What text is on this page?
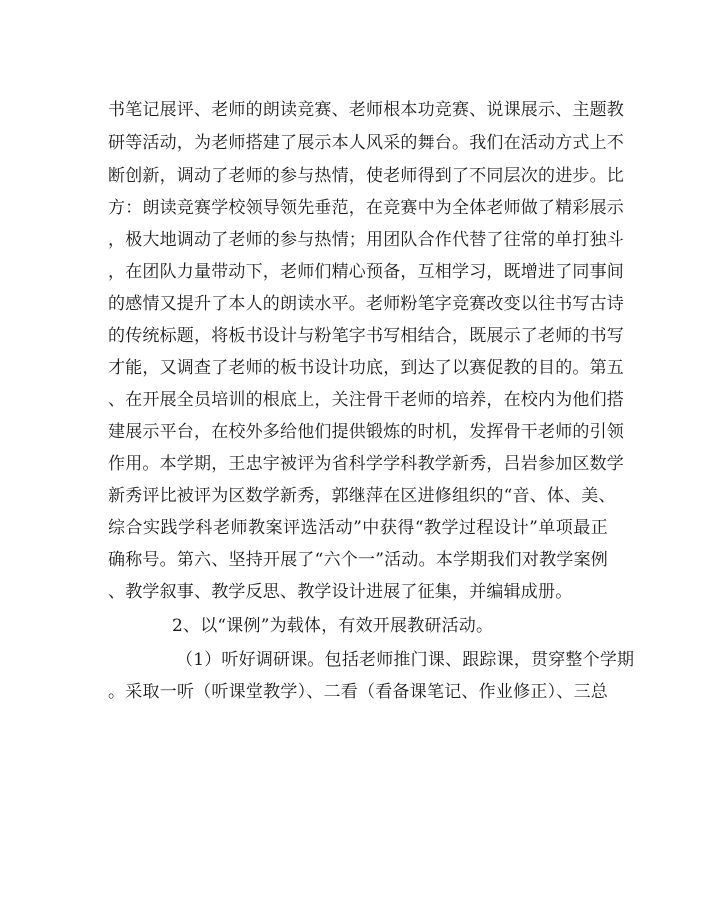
书笔记展评、老师的朗读竞赛、老师根本功竞赛、说课展示、主题教
研等活动，为老师搭建了展示本人风采的舞台。我们在活动方式上不
断创新，调动了老师的参与热情，使老师得到了不同层次的进步。比
方：朗读竞赛学校领导领先垂范，在竞赛中为全体老师做了精彩展示
，极大地调动了老师的参与热情；用团队合作代替了往常的单打独斗
，在团队力量带动下，老师们精心预备，互相学习，既增进了同事间
的感情又提升了本人的朗读水平。老师粉笔字竞赛改变以往书写古诗
的传统标题，将板书设计与粉笔字书写相结合，既展示了老师的书写
才能，又调查了老师的板书设计功底，到达了以赛促教的目的。第五
、在开展全员培训的根底上，关注骨干老师的培养，在校内为他们搭
建展示平台，在校外多给他们提供锻炼的时机，发挥骨干老师的引领
作用。本学期，王忠宇被评为省科学学科教学新秀，吕岩参加区数学
新秀评比被评为区数学新秀，郭继萍在区进修组织的“音、体、美、
综合实践学科老师教案评选活动”中获得“教学过程设计”单项最正
确称号。第六、坚持开展了“六个一”活动。本学期我们对教学案例
、教学叙事、教学反思、教学设计进展了征集，并编辑成册。
2、以“课例”为载体，有效开展教研活动。
（1）听好调研课。包括老师推门课、跟踪课，贯穿整个学期
。采取一听（听课堂教学）、二看（看备课笔记、作业修正）、三总
